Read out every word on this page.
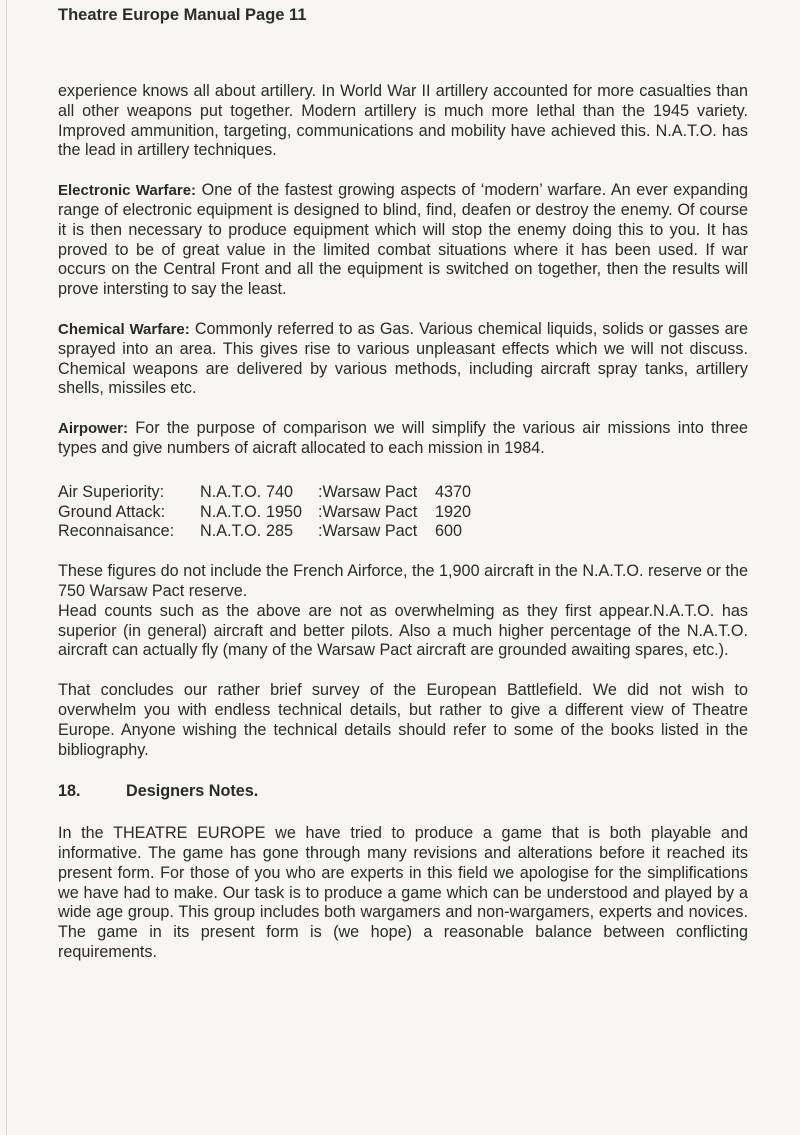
Theatre Europe Manual Page 11

experience knows all about artillery. In World War II artillery accounted for more casualties than all other weapons put together. Modern artillery is much more lethal than the 1945 variety. Improved ammunition, targeting, communications and mobility have achieved this. N.A.T.O. has the lead in artillery techniques.

Electronic Warfare: One of the fastest growing aspects of ‘modern’ warfare. An ever expanding range of electronic equipment is designed to blind, find, deafen or destroy the enemy. Of course it is then necessary to produce equipment which will stop the enemy doing this to you. It has proved to be of great value in the limited combat situations where it has been used. If war occurs on the Central Front and all the equipment is switched on together, then the results will prove intersting to say the least.

Chemical Warfare: Commonly referred to as Gas. Various chemical liquids, solids or gasses are sprayed into an area. This gives rise to various unpleasant effects which we will not discuss. Chemical weapons are delivered by various methods, including aircraft spray tanks, artillery shells, missiles etc.

Airpower: For the purpose of comparison we will simplify the various air missions into three types and give numbers of aicraft allocated to each mission in 1984.

Air Superiority:	N.A.T.O.	740	:Warsaw Pact	4370
Ground Attack:	N.A.T.O.	1950	:Warsaw Pact	1920
Reconnaisance:	N.A.T.O.	285	:Warsaw Pact	600

These figures do not include the French Airforce, the 1,900 aircraft in the N.A.T.O. reserve or the 750 Warsaw Pact reserve.

Head counts such as the above are not as overwhelming as they first appear.N.A.T.O. has superior (in general) aircraft and better pilots. Also a much higher percentage of the N.A.T.O. aircraft can actually fly (many of the Warsaw Pact aircraft are grounded awaiting spares, etc.).

That concludes our rather brief survey of the European Battlefield. We did not wish to overwhelm you with endless technical details, but rather to give a different view of Theatre Europe. Anyone wishing the technical details should refer to some of the books listed in the bibliography.

18.	Designers Notes.

In the THEATRE EUROPE we have tried to produce a game that is both playable and informative. The game has gone through many revisions and alterations before it reached its present form. For those of you who are experts in this field we apologise for the simplifications we have had to make. Our task is to produce a game which can be understood and played by a wide age group. This group includes both wargamers and non-wargamers, experts and novices. The game in its present form is (we hope) a reasonable balance between conflicting requirements.
